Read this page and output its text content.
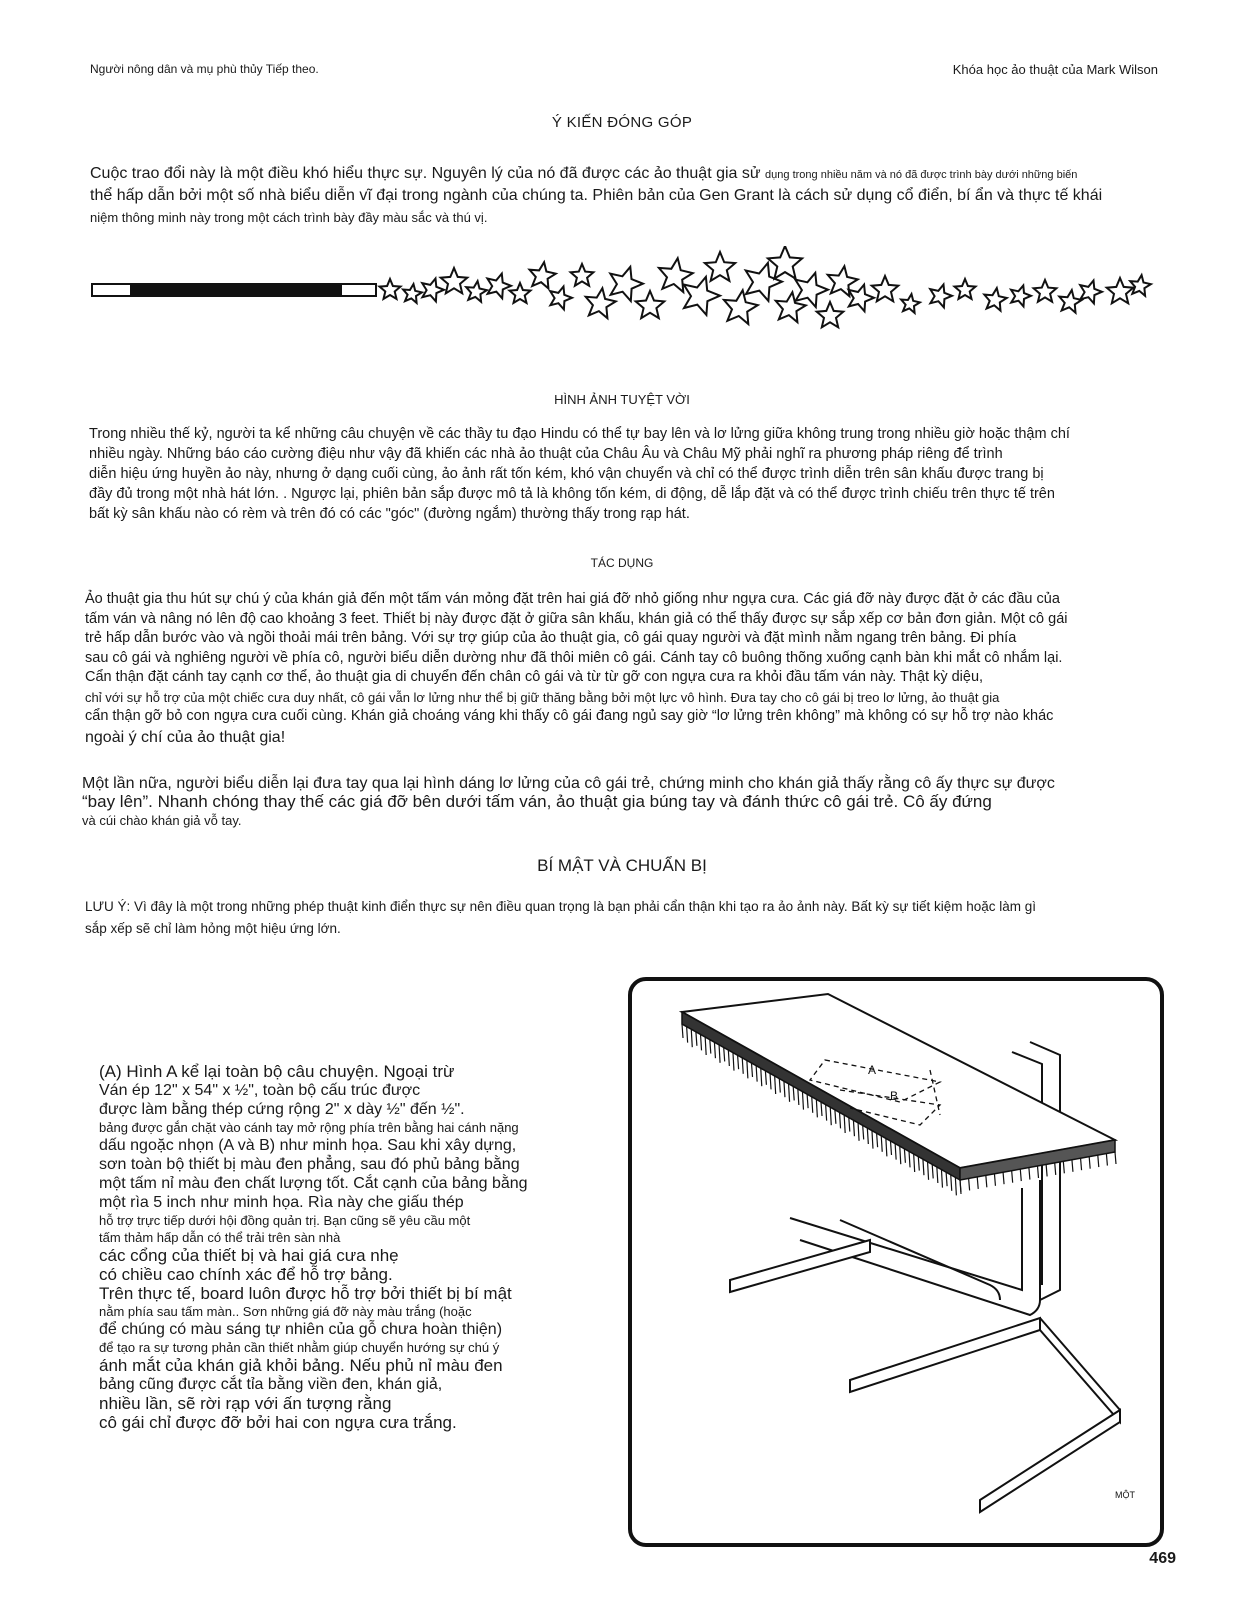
Người nông dân và mụ phù thủy Tiếp theo.	Khóa học ảo thuật của Mark Wilson
Ý KIẾN ĐÓNG GÓP
Cuộc trao đổi này là một điều khó hiểu thực sự. Nguyên lý của nó đã được các ảo thuật gia sử dụng trong nhiều năm và nó đã được trình bày dưới những biến
thể hấp dẫn bởi một số nhà biểu diễn vĩ đại trong ngành của chúng ta. Phiên bản của Gen Grant là cách sử dụng cổ điển, bí ẩn và thực tế khái
niệm thông minh này trong một cách trình bày đầy màu sắc và thú vị.
HÌNH ẢNH TUYỆT VỜI
Trong nhiều thế kỷ, người ta kể những câu chuyện về các thầy tu đạo Hindu có thể tự bay lên và lơ lửng giữa không trung trong nhiều giờ hoặc thậm chí
nhiều ngày. Những báo cáo cường điệu như vậy đã khiến các nhà ảo thuật của Châu Âu và Châu Mỹ phải nghĩ ra phương pháp riêng để trình
diễn hiệu ứng huyền ảo này, nhưng ở dạng cuối cùng, ảo ảnh rất tốn kém, khó vận chuyển và chỉ có thể được trình diễn trên sân khấu được trang bị
đầy đủ trong một nhà hát lớn. . Ngược lại, phiên bản sắp được mô tả là không tốn kém, di động, dễ lắp đặt và có thể được trình chiếu trên thực tế trên
bất kỳ sân khấu nào có rèm và trên đó có các "góc" (đường ngắm) thường thấy trong rạp hát.
TÁC DỤNG
Ảo thuật gia thu hút sự chú ý của khán giả đến một tấm ván mỏng đặt trên hai giá đỡ nhỏ giống như ngựa cưa. Các giá đỡ này được đặt ở các đầu của
tấm ván và nâng nó lên độ cao khoảng 3 feet. Thiết bị này được đặt ở giữa sân khấu, khán giả có thể thấy được sự sắp xếp cơ bản đơn giản. Một cô gái
trẻ hấp dẫn bước vào và ngồi thoải mái trên bảng. Với sự trợ giúp của ảo thuật gia, cô gái quay người và đặt mình nằm ngang trên bảng. Đi phía
sau cô gái và nghiêng người về phía cô, người biểu diễn dường như đã thôi miên cô gái. Cánh tay cô buông thõng xuống cạnh bàn khi mắt cô nhắm lại.
Cẩn thận đặt cánh tay cạnh cơ thể, ảo thuật gia di chuyển đến chân cô gái và từ từ gỡ con ngựa cưa ra khỏi đầu tấm ván này. Thật kỳ diệu,
chỉ với sự hỗ trợ của một chiếc cưa duy nhất, cô gái vẫn lơ lửng như thể bị giữ thăng bằng bởi một lực vô hình. Đưa tay cho cô gái bị treo lơ lửng, ảo thuật gia
cẩn thận gỡ bỏ con ngựa cưa cuối cùng. Khán giả choáng váng khi thấy cô gái đang ngủ say giờ “lơ lửng trên không” mà không có sự hỗ trợ nào khác
ngoài ý chí của ảo thuật gia!
Một lần nữa, người biểu diễn lại đưa tay qua lại hình dáng lơ lửng của cô gái trẻ, chứng minh cho khán giả thấy rằng cô ấy thực sự được
“bay lên”. Nhanh chóng thay thế các giá đỡ bên dưới tấm ván, ảo thuật gia búng tay và đánh thức cô gái trẻ. Cô ấy đứng
và cúi chào khán giả vỗ tay.
BÍ MẬT VÀ CHUẨN BỊ
LƯU Ý: Vì đây là một trong những phép thuật kinh điển thực sự nên điều quan trọng là bạn phải cẩn thận khi tạo ra ảo ảnh này. Bất kỳ sự tiết kiệm hoặc làm gì
sắp xếp sẽ chỉ làm hỏng một hiệu ứng lớn.
(A) Hình A kể lại toàn bộ câu chuyện. Ngoại trừ
Ván ép 12" x 54" x ½", toàn bộ cấu trúc được
được làm bằng thép cứng rộng 2" x dày ½" đến ½".
bảng được gắn chặt vào cánh tay mở rộng phía trên bằng hai cánh nặng
dấu ngoặc nhọn (A và B) như minh họa. Sau khi xây dựng,
sơn toàn bộ thiết bị màu đen phẳng, sau đó phủ bảng bằng
một tấm nỉ màu đen chất lượng tốt. Cắt cạnh của bảng bằng
một rìa 5 inch như minh họa. Rìa này che giấu thép
hỗ trợ trực tiếp dưới hội đồng quản trị. Bạn cũng sẽ yêu cầu một
tấm thảm hấp dẫn có thể trải trên sàn nhà
các cổng của thiết bị và hai giá cưa nhẹ
có chiều cao chính xác để hỗ trợ bảng.
Trên thực tế, board luôn được hỗ trợ bởi thiết bị bí mật
nằm phía sau tấm màn.. Sơn những giá đỡ này màu trắng (hoặc
để chúng có màu sáng tự nhiên của gỗ chưa hoàn thiện)
để tạo ra sự tương phản cần thiết nhằm giúp chuyển hướng sự chú ý
ánh mắt của khán giả khỏi bảng. Nếu phủ nỉ màu đen
bảng cũng được cắt tỉa bằng viền đen, khán giả,
nhiều lần, sẽ rời rạp với ấn tượng rằng
cô gái chỉ được đỡ bởi hai con ngựa cưa trắng.
A
B
MỘT
469
